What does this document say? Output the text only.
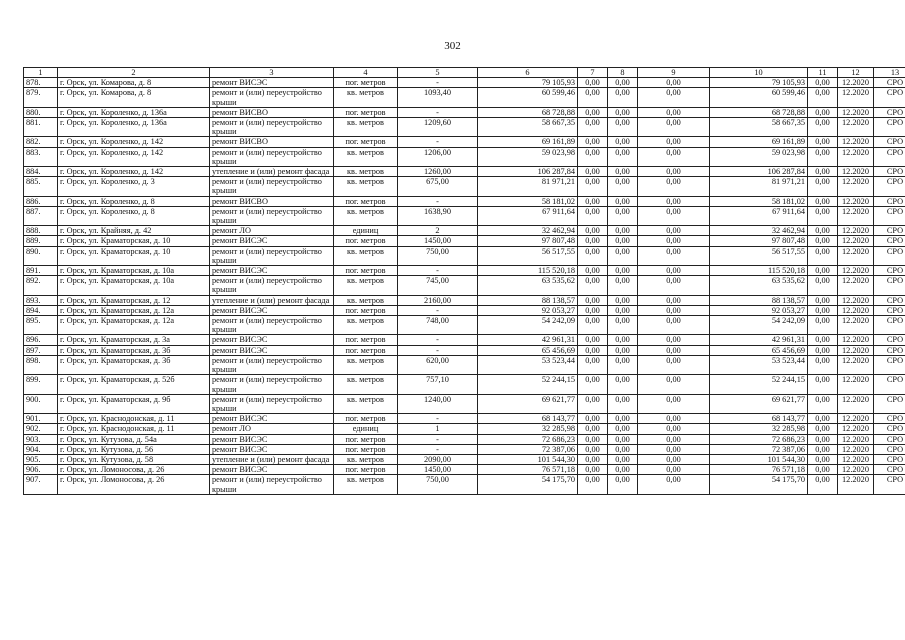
302
1	2	3	4	5	6	7	8	9	10	11	12	13
878.	г. Орск, ул. Комарова, д. 8	ремонт ВИСЭС	пог. метров	-	79 105,93	0,00	0,00	0,00	79 105,93	0,00	12.2020	СРО
879.	г. Орск, ул. Комарова, д. 8	ремонт и (или) переустройство крыши	кв. метров	1093,40	60 599,46	0,00	0,00	0,00	60 599,46	0,00	12.2020	СРО
880.	г. Орск, ул. Короленко, д. 136а	ремонт ВИСВО	пог. метров	-	68 728,88	0,00	0,00	0,00	68 728,88	0,00	12.2020	СРО
881.	г. Орск, ул. Короленко, д. 136а	ремонт и (или) переустройство крыши	кв. метров	1209,60	58 667,35	0,00	0,00	0,00	58 667,35	0,00	12.2020	СРО
882.	г. Орск, ул. Короленко, д. 142	ремонт ВИСВО	пог. метров	-	69 161,89	0,00	0,00	0,00	69 161,89	0,00	12.2020	СРО
883.	г. Орск, ул. Короленко, д. 142	ремонт и (или) переустройство крыши	кв. метров	1206,00	59 023,98	0,00	0,00	0,00	59 023,98	0,00	12.2020	СРО
884.	г. Орск, ул. Короленко, д. 142	утепление и (или) ремонт фасада	кв. метров	1260,00	106 287,84	0,00	0,00	0,00	106 287,84	0,00	12.2020	СРО
885.	г. Орск, ул. Короленко, д. 3	ремонт и (или) переустройство крыши	кв. метров	675,00	81 971,21	0,00	0,00	0,00	81 971,21	0,00	12.2020	СРО
886.	г. Орск, ул. Короленко, д. 8	ремонт ВИСВО	пог. метров	-	58 181,02	0,00	0,00	0,00	58 181,02	0,00	12.2020	СРО
887.	г. Орск, ул. Короленко, д. 8	ремонт и (или) переустройство крыши	кв. метров	1638,90	67 911,64	0,00	0,00	0,00	67 911,64	0,00	12.2020	СРО
888.	г. Орск, ул. Крайняя, д. 42	ремонт ЛО	единиц	2	32 462,94	0,00	0,00	0,00	32 462,94	0,00	12.2020	СРО
889.	г. Орск, ул. Краматорская, д. 10	ремонт ВИСЭС	пог. метров	1450,00	97 807,48	0,00	0,00	0,00	97 807,48	0,00	12.2020	СРО
890.	г. Орск, ул. Краматорская, д. 10	ремонт и (или) переустройство крыши	кв. метров	750,00	56 517,55	0,00	0,00	0,00	56 517,55	0,00	12.2020	СРО
891.	г. Орск, ул. Краматорская, д. 10а	ремонт ВИСЭС	пог. метров	-	115 520,18	0,00	0,00	0,00	115 520,18	0,00	12.2020	СРО
892.	г. Орск, ул. Краматорская, д. 10а	ремонт и (или) переустройство крыши	кв. метров	745,00	63 535,62	0,00	0,00	0,00	63 535,62	0,00	12.2020	СРО
893.	г. Орск, ул. Краматорская, д. 12	утепление и (или) ремонт фасада	кв. метров	2160,00	88 138,57	0,00	0,00	0,00	88 138,57	0,00	12.2020	СРО
894.	г. Орск, ул. Краматорская, д. 12а	ремонт ВИСЭС	пог. метров	-	92 053,27	0,00	0,00	0,00	92 053,27	0,00	12.2020	СРО
895.	г. Орск, ул. Краматорская, д. 12а	ремонт и (или) переустройство крыши	кв. метров	748,00	54 242,09	0,00	0,00	0,00	54 242,09	0,00	12.2020	СРО
896.	г. Орск, ул. Краматорская, д. 3а	ремонт ВИСЭС	пог. метров	-	42 961,31	0,00	0,00	0,00	42 961,31	0,00	12.2020	СРО
897.	г. Орск, ул. Краматорская, д. 3б	ремонт ВИСЭС	пог. метров	-	65 456,69	0,00	0,00	0,00	65 456,69	0,00	12.2020	СРО
898.	г. Орск, ул. Краматорская, д. 3б	ремонт и (или) переустройство крыши	кв. метров	620,00	53 523,44	0,00	0,00	0,00	53 523,44	0,00	12.2020	СРО
899.	г. Орск, ул. Краматорская, д. 52б	ремонт и (или) переустройство крыши	кв. метров	757,10	52 244,15	0,00	0,00	0,00	52 244,15	0,00	12.2020	СРО
900.	г. Орск, ул. Краматорская, д. 9б	ремонт и (или) переустройство крыши	кв. метров	1240,00	69 621,77	0,00	0,00	0,00	69 621,77	0,00	12.2020	СРО
901.	г. Орск, ул. Краснодонская, д. 11	ремонт ВИСЭС	пог. метров	-	68 143,77	0,00	0,00	0,00	68 143,77	0,00	12.2020	СРО
902.	г. Орск, ул. Краснодонская, д. 11	ремонт ЛО	единиц	1	32 285,98	0,00	0,00	0,00	32 285,98	0,00	12.2020	СРО
903.	г. Орск, ул. Кутузова, д. 54а	ремонт ВИСЭС	пог. метров	-	72 686,23	0,00	0,00	0,00	72 686,23	0,00	12.2020	СРО
904.	г. Орск, ул. Кутузова, д. 56	ремонт ВИСЭС	пог. метров	-	72 387,06	0,00	0,00	0,00	72 387,06	0,00	12.2020	СРО
905.	г. Орск, ул. Кутузова, д. 58	утепление и (или) ремонт фасада	кв. метров	2090,00	101 544,30	0,00	0,00	0,00	101 544,30	0,00	12.2020	СРО
906.	г. Орск, ул. Ломоносова, д. 26	ремонт ВИСЭС	пог. метров	1450,00	76 571,18	0,00	0,00	0,00	76 571,18	0,00	12.2020	СРО
907.	г. Орск, ул. Ломоносова, д. 26	ремонт и (или) переустройство крыши	кв. метров	750,00	54 175,70	0,00	0,00	0,00	54 175,70	0,00	12.2020	СРО
